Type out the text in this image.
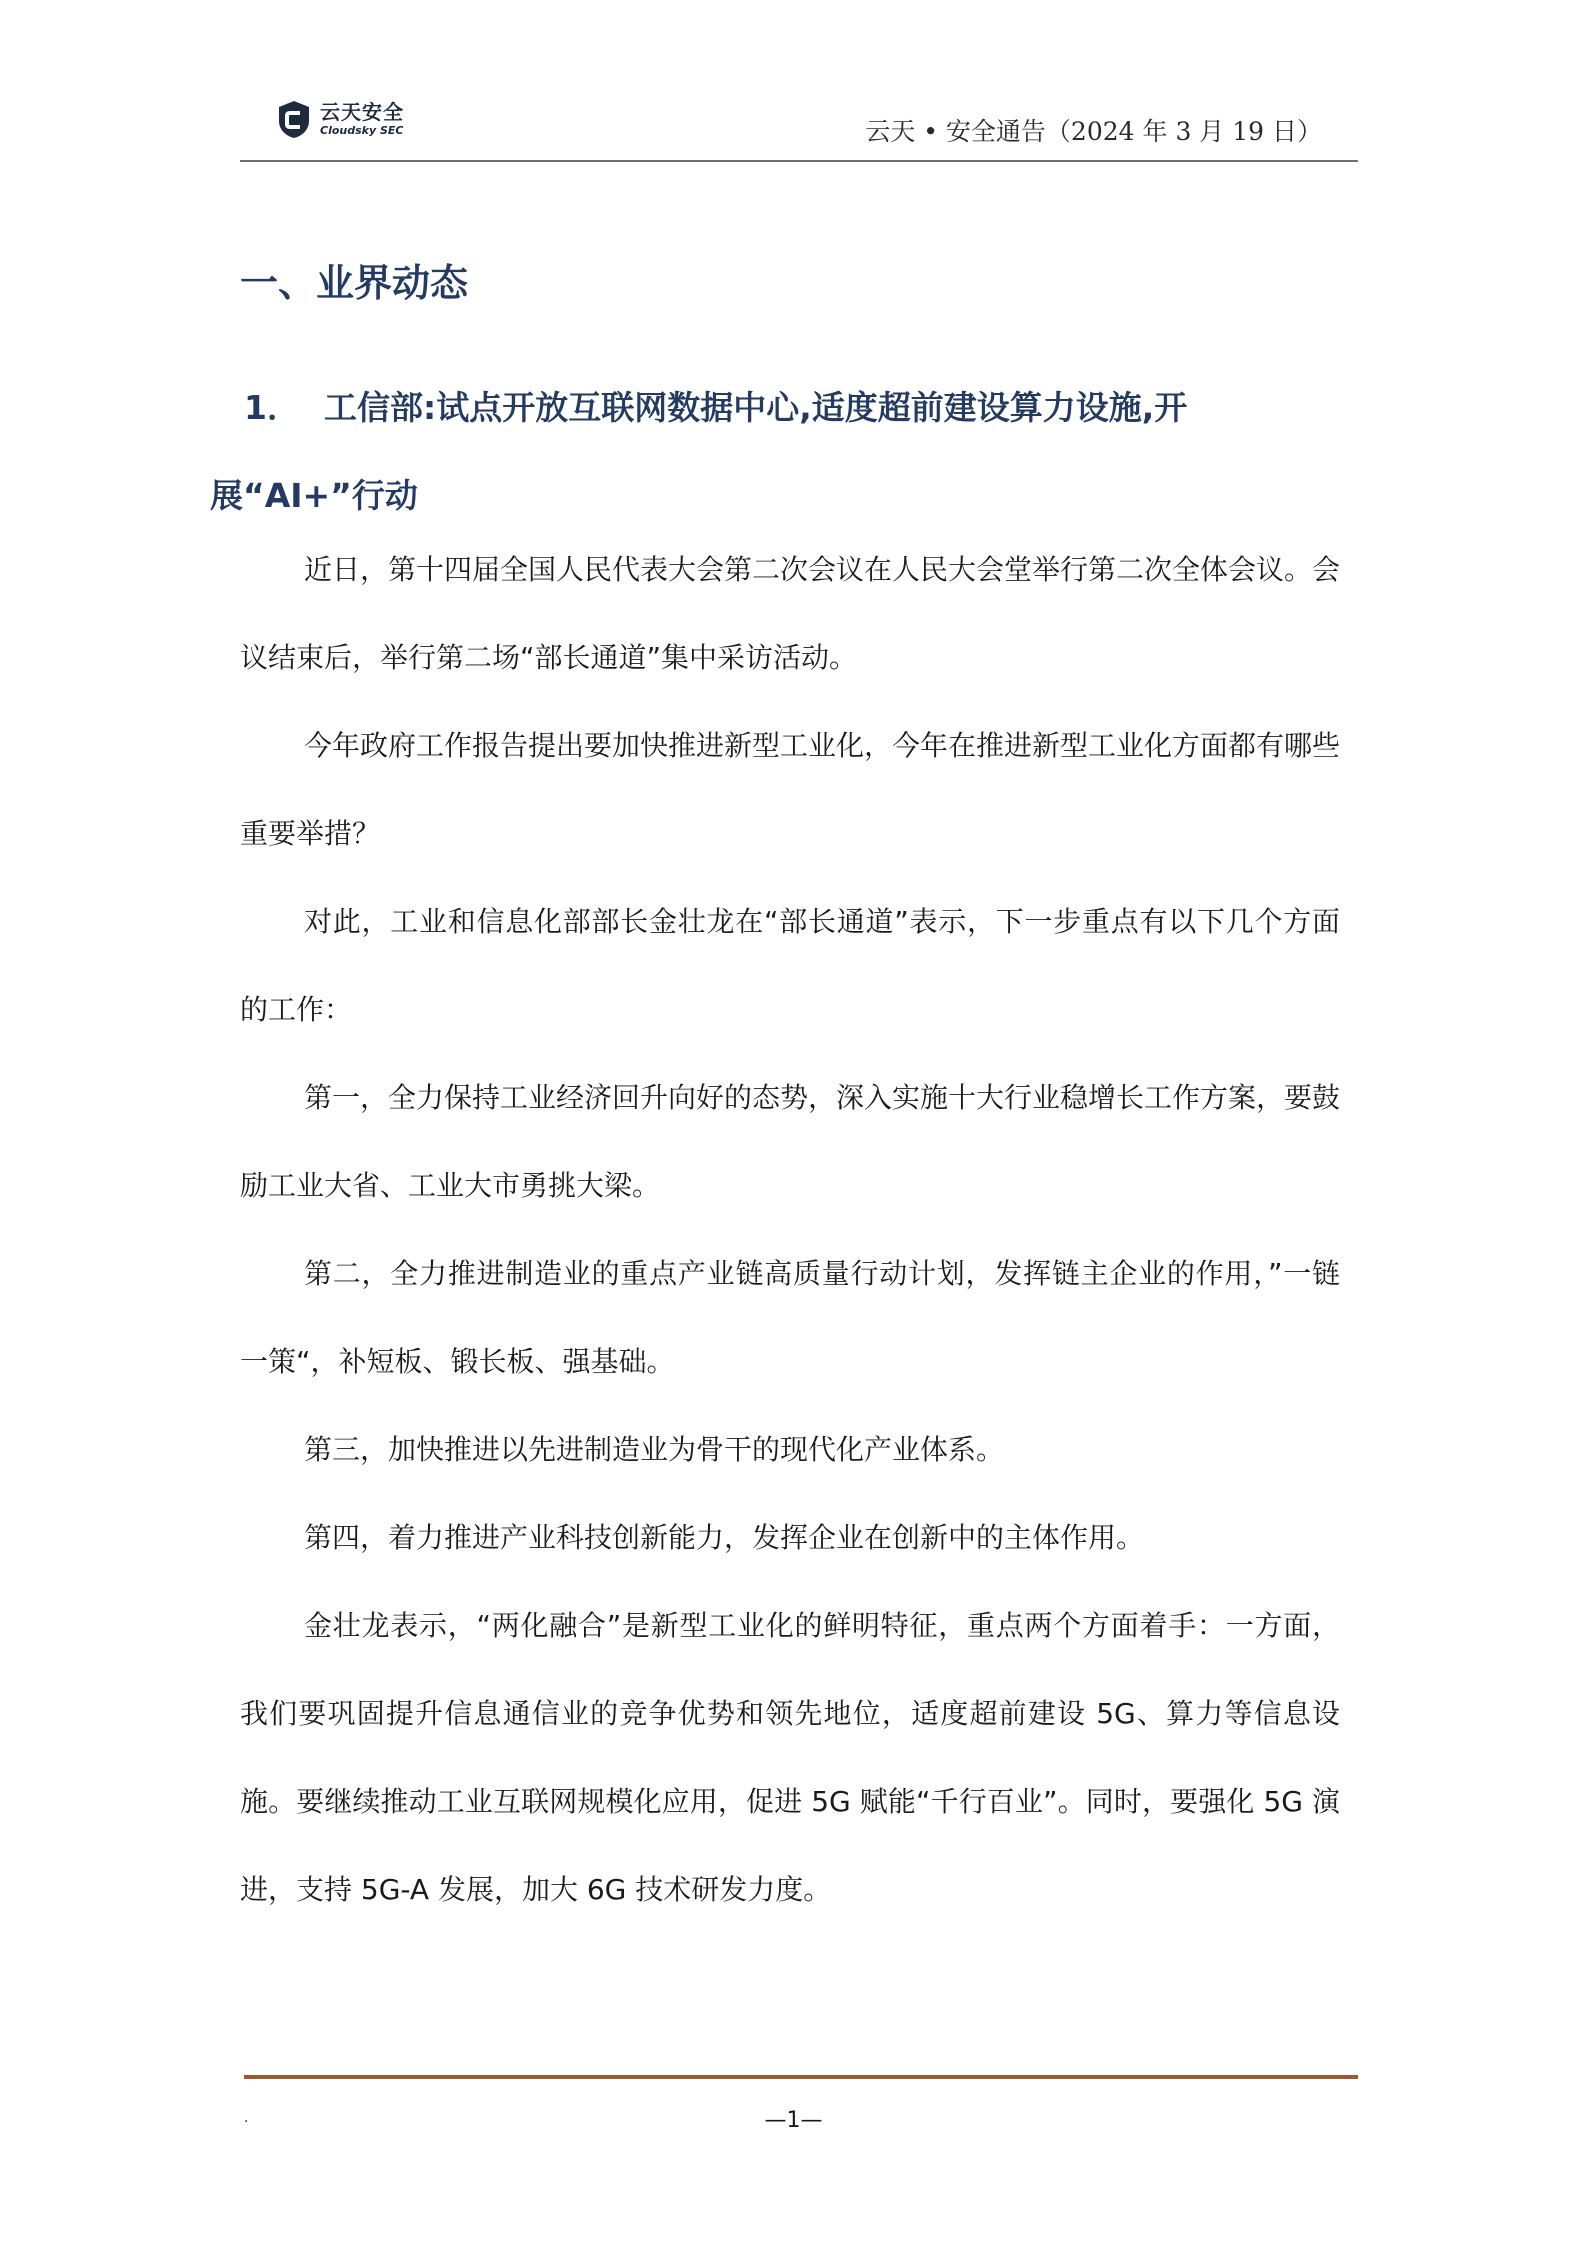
云天安全
Cloudsky SEC	云天 • 安全通告（2024 年 3 月 19 日）
一、业界动态
1． 工信部:试点开放互联网数据中心,适度超前建设算力设施,开展“AI+”行动

近日，第十四届全国人民代表大会第二次会议在人民大会堂举行第二次全体会议。会议结束后，举行第二场“部长通道”集中采访活动。

今年政府工作报告提出要加快推进新型工业化，今年在推进新型工业化方面都有哪些重要举措？

对此，工业和信息化部部长金壮龙在“部长通道”表示，下一步重点有以下几个方面的工作：

第一，全力保持工业经济回升向好的态势，深入实施十大行业稳增长工作方案，要鼓励工业大省、工业大市勇挑大梁。

第二，全力推进制造业的重点产业链高质量行动计划，发挥链主企业的作用，”一链一策“，补短板、锻长板、强基础。

第三，加快推进以先进制造业为骨干的现代化产业体系。

第四，着力推进产业科技创新能力，发挥企业在创新中的主体作用。

金壮龙表示，“两化融合”是新型工业化的鲜明特征，重点两个方面着手：一方面，我们要巩固提升信息通信业的竞争优势和领先地位，适度超前建设 5G、算力等信息设施。要继续推动工业互联网规模化应用，促进 5G 赋能“千行百业”。同时，要强化 5G 演进，支持 5G-A 发展，加大 6G 技术研发力度。

.	—1—
